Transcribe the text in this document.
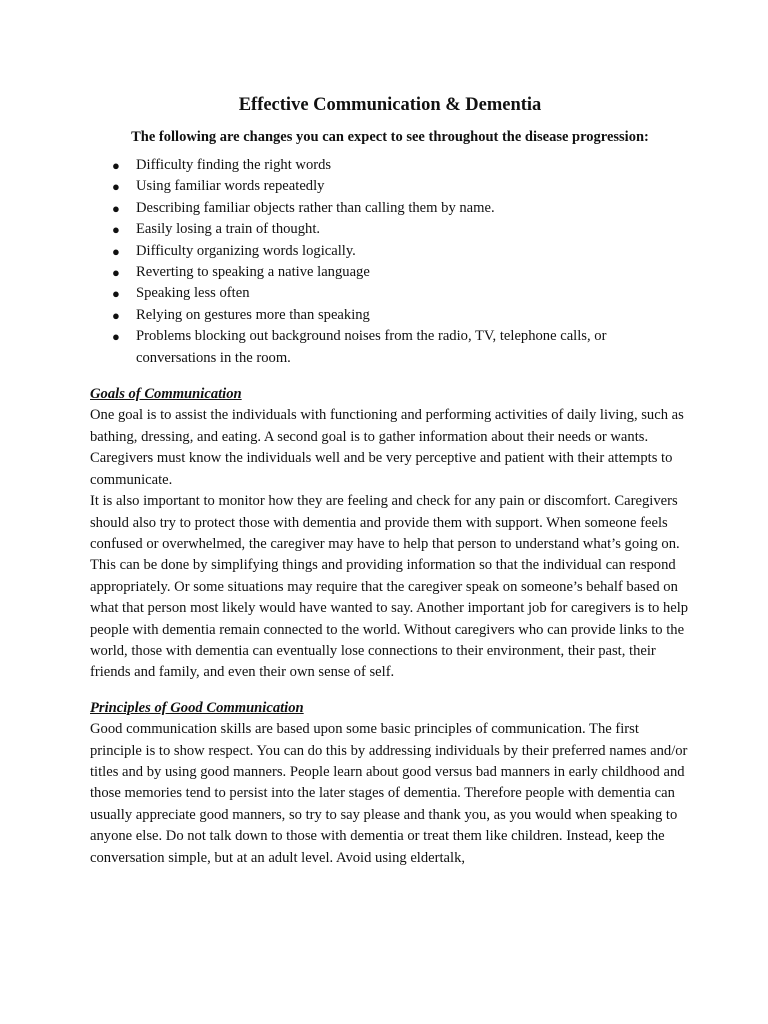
Effective Communication & Dementia

The following are changes you can expect to see throughout the disease progression:

● Difficulty finding the right words
● Using familiar words repeatedly
● Describing familiar objects rather than calling them by name.
● Easily losing a train of thought.
● Difficulty organizing words logically.
● Reverting to speaking a native language
● Speaking less often
● Relying on gestures more than speaking
● Problems blocking out background noises from the radio, TV, telephone calls, or conversations in the room.

Goals of Communication

One goal is to assist the individuals with functioning and performing activities of daily living, such as bathing, dressing, and eating. A second goal is to gather information about their needs or wants. Caregivers must know the individuals well and be very perceptive and patient with their attempts to communicate.

It is also important to monitor how they are feeling and check for any pain or discomfort. Caregivers should also try to protect those with dementia and provide them with support. When someone feels confused or overwhelmed, the caregiver may have to help that person to understand what’s going on. This can be done by simplifying things and providing information so that the individual can respond appropriately. Or some situations may require that the caregiver speak on someone’s behalf based on what that person most likely would have wanted to say. Another important job for caregivers is to help people with dementia remain connected to the world. Without caregivers who can provide links to the world, those with dementia can eventually lose connections to their environment, their past, their friends and family, and even their own sense of self.

Principles of Good Communication

Good communication skills are based upon some basic principles of communication. The first principle is to show respect. You can do this by addressing individuals by their preferred names and/or titles and by using good manners. People learn about good versus bad manners in early childhood and those memories tend to persist into the later stages of dementia. Therefore people with dementia can usually appreciate good manners, so try to say please and thank you, as you would when speaking to anyone else. Do not talk down to those with dementia or treat them like children. Instead, keep the conversation simple, but at an adult level. Avoid using eldertalk,
